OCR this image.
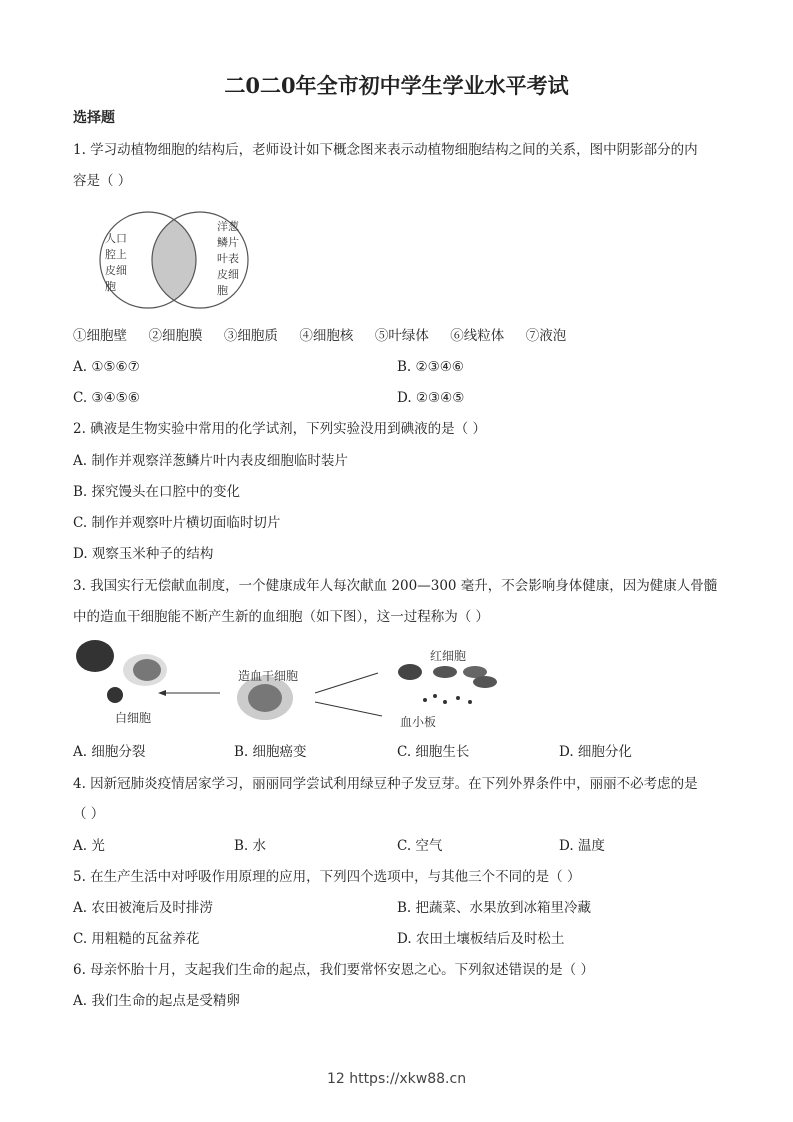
二0二0年全市初中学生学业水平考试
选择题
1. 学习动植物细胞的结构后，老师设计如下概念图来表示动植物细胞结构之间的关系，图中阴影部分的内
容是（ ）
人口
腔上
皮细
胞
洋葱
鳞片
叶表
皮细
胞
①细胞壁     ②细胞膜     ③细胞质     ④细胞核     ⑤叶绿体     ⑥线粒体     ⑦液泡
A. ①⑤⑥⑦	B. ②③④⑥
C. ③④⑤⑥	D. ②③④⑤
2. 碘液是生物实验中常用的化学试剂，下列实验没用到碘液的是（ ）
A. 制作并观察洋葱鳞片叶内表皮细胞临时装片
B. 探究馒头在口腔中的变化
C. 制作并观察叶片横切面临时切片
D. 观察玉米种子的结构
3. 我国实行无偿献血制度，一个健康成年人每次献血 200—300 毫升，不会影响身体健康，因为健康人骨髓
中的造血干细胞能不断产生新的血细胞（如下图），这一过程称为（ ）
白细胞
造血干细胞
红细胞
血小板
A. 细胞分裂	B. 细胞癌变	C. 细胞生长	D. 细胞分化
4. 因新冠肺炎疫情居家学习，丽丽同学尝试利用绿豆种子发豆芽。在下列外界条件中，丽丽不必考虑的是
（ ）
A. 光	B. 水	C. 空气	D. 温度
5. 在生产生活中对呼吸作用原理的应用，下列四个选项中，与其他三个不同的是（ ）
A. 农田被淹后及时排涝	B. 把蔬菜、水果放到冰箱里冷藏
C. 用粗糙的瓦盆养花	D. 农田土壤板结后及时松土
6. 母亲怀胎十月，支起我们生命的起点，我们要常怀安恩之心。下列叙述错误的是（ ）
A. 我们生命的起点是受精卵
12 https://xkw88.cn
